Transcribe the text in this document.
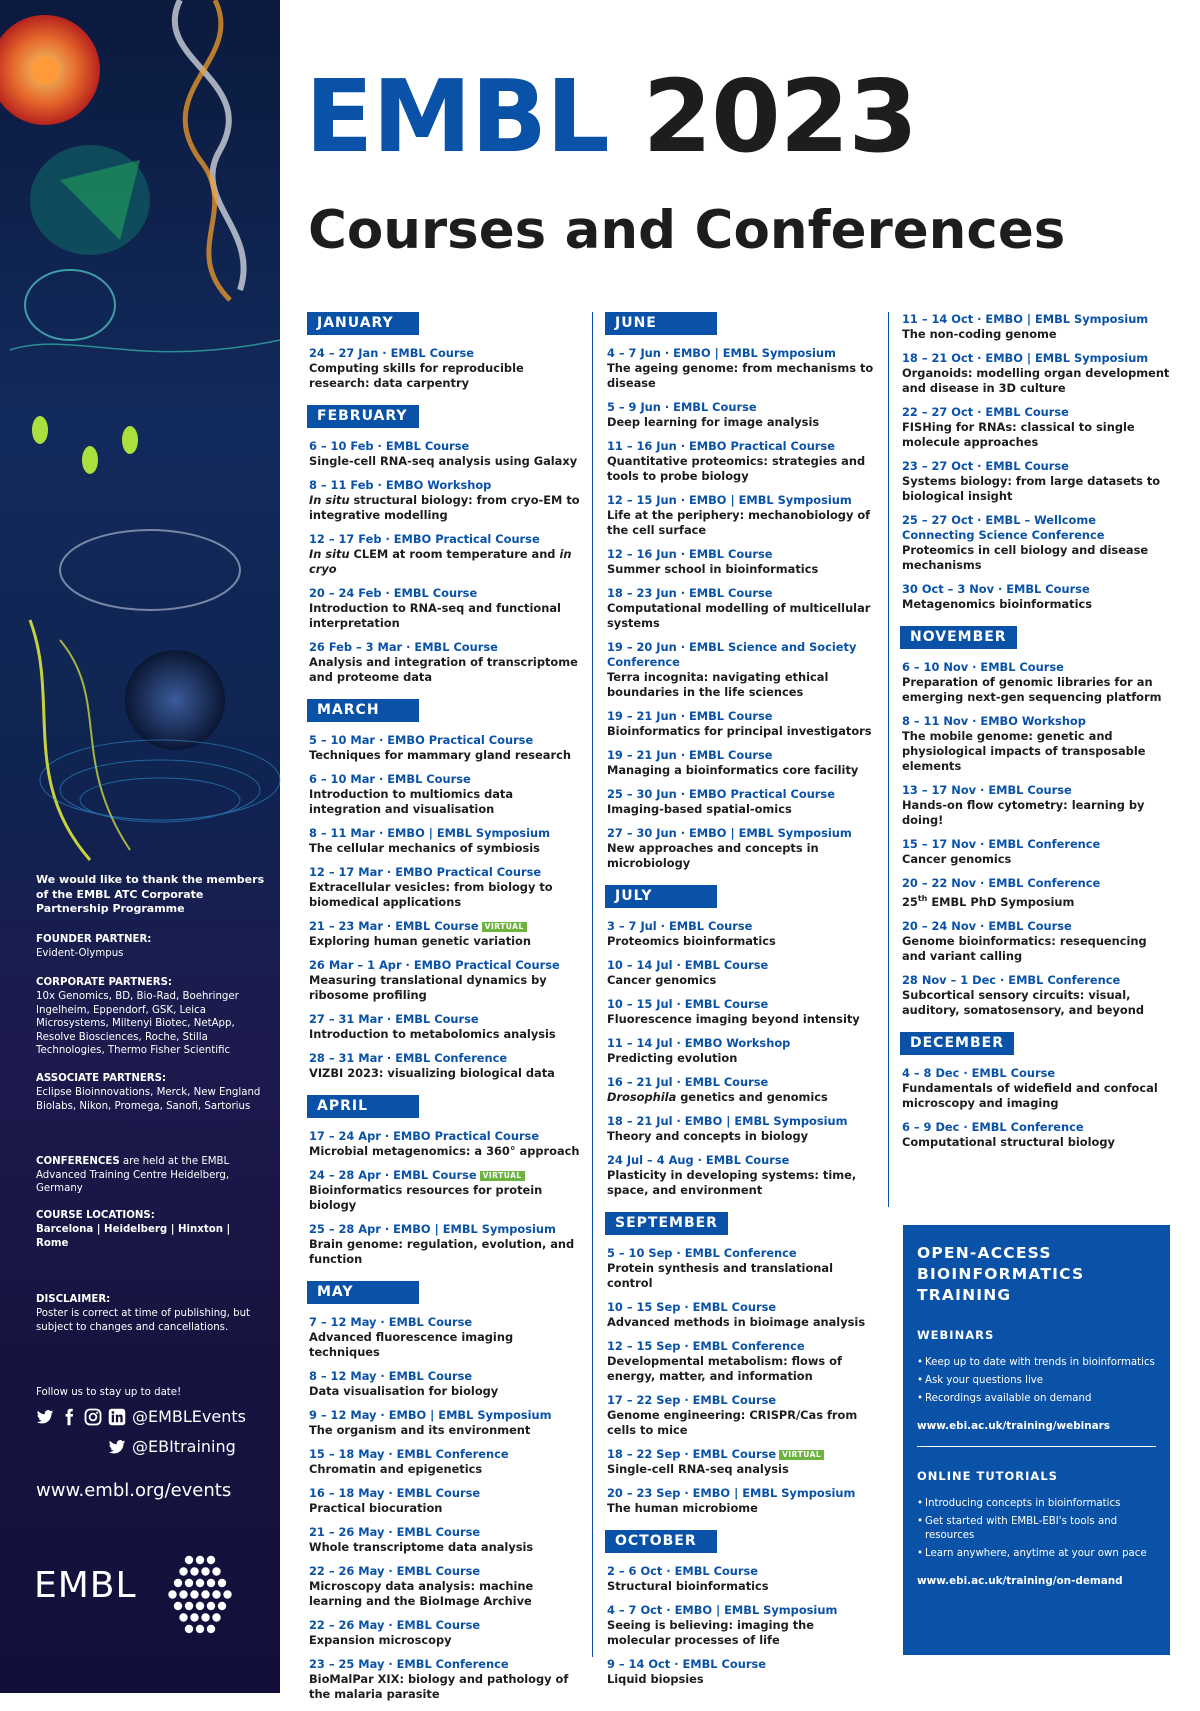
We would like to thank the members of the EMBL ATC Corporate Partnership Programme
FOUNDER PARTNER:
Evident-Olympus
CORPORATE PARTNERS:
10x Genomics, BD, Bio-Rad, Boehringer Ingelheim, Eppendorf, GSK, Leica Microsystems, Miltenyi Biotec, NetApp, Resolve Biosciences, Roche, Stilla Technologies, Thermo Fisher Scientific
ASSOCIATE PARTNERS:
Eclipse Bioinnovations, Merck, New England Biolabs, Nikon, Promega, Sanofi, Sartorius
CONFERENCES are held at the EMBL Advanced Training Centre Heidelberg, Germany
COURSE LOCATIONS:
Barcelona | Heidelberg | Hinxton | Rome
DISCLAIMER:
Poster is correct at time of publishing, but subject to changes and cancellations.
Follow us to stay up to date!
@EMBLEvents
@EBItraining
www.embl.org/events
EMBL
EMBL 2023
Courses and Conferences
JANUARY
24 – 27 Jan · EMBL Course
Computing skills for reproducible research: data carpentry
FEBRUARY
6 – 10 Feb · EMBL Course
Single-cell RNA-seq analysis using Galaxy
8 – 11 Feb · EMBO Workshop
In situ structural biology: from cryo-EM to integrative modelling
12 – 17 Feb · EMBO Practical Course
In situ CLEM at room temperature and in cryo
20 – 24 Feb · EMBL Course
Introduction to RNA-seq and functional interpretation
26 Feb – 3 Mar · EMBL Course
Analysis and integration of transcriptome and proteome data
MARCH
5 – 10 Mar · EMBO Practical Course
Techniques for mammary gland research
6 – 10 Mar · EMBL Course
Introduction to multiomics data integration and visualisation
8 – 11 Mar · EMBO | EMBL Symposium
The cellular mechanics of symbiosis
12 – 17 Mar · EMBO Practical Course
Extracellular vesicles: from biology to biomedical applications
21 – 23 Mar · EMBL Course VIRTUAL
Exploring human genetic variation
26 Mar – 1 Apr · EMBO Practical Course
Measuring translational dynamics by ribosome profiling
27 – 31 Mar · EMBL Course
Introduction to metabolomics analysis
28 – 31 Mar · EMBL Conference
VIZBI 2023: visualizing biological data
APRIL
17 – 24 Apr · EMBO Practical Course
Microbial metagenomics: a 360° approach
24 – 28 Apr · EMBL Course VIRTUAL
Bioinformatics resources for protein biology
25 – 28 Apr · EMBO | EMBL Symposium
Brain genome: regulation, evolution, and function
MAY
7 – 12 May · EMBL Course
Advanced fluorescence imaging techniques
8 – 12 May · EMBL Course
Data visualisation for biology
9 – 12 May · EMBO | EMBL Symposium
The organism and its environment
15 – 18 May · EMBL Conference
Chromatin and epigenetics
16 – 18 May · EMBL Course
Practical biocuration
21 – 26 May · EMBL Course
Whole transcriptome data analysis
22 – 26 May · EMBL Course
Microscopy data analysis: machine learning and the BioImage Archive
22 – 26 May · EMBL Course
Expansion microscopy
23 – 25 May · EMBL Conference
BioMalPar XIX: biology and pathology of the malaria parasite
JUNE
4 – 7 Jun · EMBO | EMBL Symposium
The ageing genome: from mechanisms to disease
5 – 9 Jun · EMBL Course
Deep learning for image analysis
11 – 16 Jun · EMBO Practical Course
Quantitative proteomics: strategies and tools to probe biology
12 – 15 Jun · EMBO | EMBL Symposium
Life at the periphery: mechanobiology of the cell surface
12 – 16 Jun · EMBL Course
Summer school in bioinformatics
18 – 23 Jun · EMBL Course
Computational modelling of multicellular systems
19 – 20 Jun · EMBL Science and Society Conference
Terra incognita: navigating ethical boundaries in the life sciences
19 – 21 Jun · EMBL Course
Bioinformatics for principal investigators
19 – 21 Jun · EMBL Course
Managing a bioinformatics core facility
25 – 30 Jun · EMBO Practical Course
Imaging-based spatial-omics
27 – 30 Jun · EMBO | EMBL Symposium
New approaches and concepts in microbiology
JULY
3 – 7 Jul · EMBL Course
Proteomics bioinformatics
10 – 14 Jul · EMBL Course
Cancer genomics
10 – 15 Jul · EMBL Course
Fluorescence imaging beyond intensity
11 – 14 Jul · EMBO Workshop
Predicting evolution
16 – 21 Jul · EMBL Course
Drosophila genetics and genomics
18 – 21 Jul · EMBO | EMBL Symposium
Theory and concepts in biology
24 Jul – 4 Aug · EMBL Course
Plasticity in developing systems: time, space, and environment
SEPTEMBER
5 – 10 Sep · EMBL Conference
Protein synthesis and translational control
10 – 15 Sep · EMBL Course
Advanced methods in bioimage analysis
12 – 15 Sep · EMBL Conference
Developmental metabolism: flows of energy, matter, and information
17 – 22 Sep · EMBL Course
Genome engineering: CRISPR/Cas from cells to mice
18 – 22 Sep · EMBL Course VIRTUAL
Single-cell RNA-seq analysis
20 – 23 Sep · EMBO | EMBL Symposium
The human microbiome
OCTOBER
2 – 6 Oct · EMBL Course
Structural bioinformatics
4 – 7 Oct · EMBO | EMBL Symposium
Seeing is believing: imaging the molecular processes of life
9 – 14 Oct · EMBL Course
Liquid biopsies
11 – 14 Oct · EMBO | EMBL Symposium
The non-coding genome
18 – 21 Oct · EMBO | EMBL Symposium
Organoids: modelling organ development and disease in 3D culture
22 – 27 Oct · EMBL Course
FISHing for RNAs: classical to single molecule approaches
23 – 27 Oct · EMBL Course
Systems biology: from large datasets to biological insight
25 – 27 Oct · EMBL – Wellcome Connecting Science Conference
Proteomics in cell biology and disease mechanisms
30 Oct – 3 Nov · EMBL Course
Metagenomics bioinformatics
NOVEMBER
6 – 10 Nov · EMBL Course
Preparation of genomic libraries for an emerging next-gen sequencing platform
8 – 11 Nov · EMBO Workshop
The mobile genome: genetic and physiological impacts of transposable elements
13 – 17 Nov · EMBL Course
Hands-on flow cytometry: learning by doing!
15 – 17 Nov · EMBL Conference
Cancer genomics
20 – 22 Nov · EMBL Conference
25th EMBL PhD Symposium
20 – 24 Nov · EMBL Course
Genome bioinformatics: resequencing and variant calling
28 Nov – 1 Dec · EMBL Conference
Subcortical sensory circuits: visual, auditory, somatosensory, and beyond
DECEMBER
4 – 8 Dec · EMBL Course
Fundamentals of widefield and confocal microscopy and imaging
6 – 9 Dec · EMBL Conference
Computational structural biology
OPEN-ACCESS BIOINFORMATICS TRAINING
WEBINARS
• Keep up to date with trends in bioinformatics
• Ask your questions live
• Recordings available on demand
www.ebi.ac.uk/training/webinars
ONLINE TUTORIALS
• Introducing concepts in bioinformatics
• Get started with EMBL-EBI's tools and resources
• Learn anywhere, anytime at your own pace
www.ebi.ac.uk/training/on-demand
